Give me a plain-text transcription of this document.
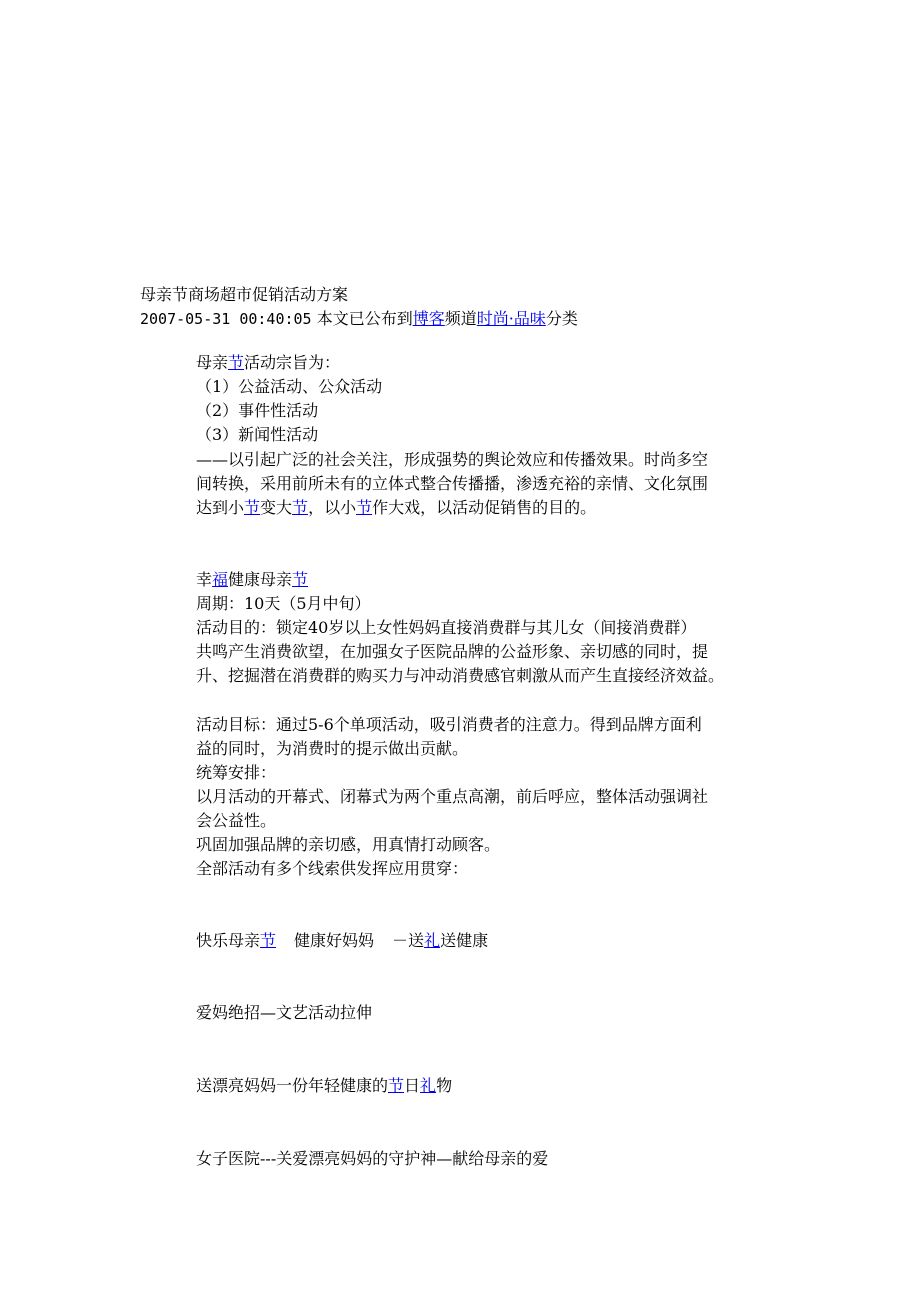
母亲节商场超市促销活动方案
2007-05-31 00:40:05 本文已公布到博客频道时尚·品味分类
母亲节活动宗旨为：
（1）公益活动、公众活动
（2）事件性活动
（3）新闻性活动
——以引起广泛的社会关注，形成强势的舆论效应和传播效果。时尚多空
间转换，采用前所未有的立体式整合传播播，渗透充裕的亲情、文化氛围
达到小节变大节，以小节作大戏，以活动促销售的目的。
幸福健康母亲节
周期：10天（5月中旬）
活动目的：锁定40岁以上女性妈妈直接消费群与其儿女（间接消费群）
共鸣产生消费欲望，在加强女子医院品牌的公益形象、亲切感的同时，提
升、挖掘潜在消费群的购买力与冲动消费感官刺激从而产生直接经济效益。
活动目标：通过5-6个单项活动，吸引消费者的注意力。得到品牌方面利
益的同时，为消费时的提示做出贡献。
统筹安排：
以月活动的开幕式、闭幕式为两个重点高潮，前后呼应，整体活动强调社
会公益性。
巩固加强品牌的亲切感，用真情打动顾客。
全部活动有多个线索供发挥应用贯穿：
快乐母亲节 健康好妈妈 －送礼送健康
爱妈绝招—文艺活动拉伸
送漂亮妈妈一份年轻健康的节日礼物
女子医院---关爱漂亮妈妈的守护神—献给母亲的爱
